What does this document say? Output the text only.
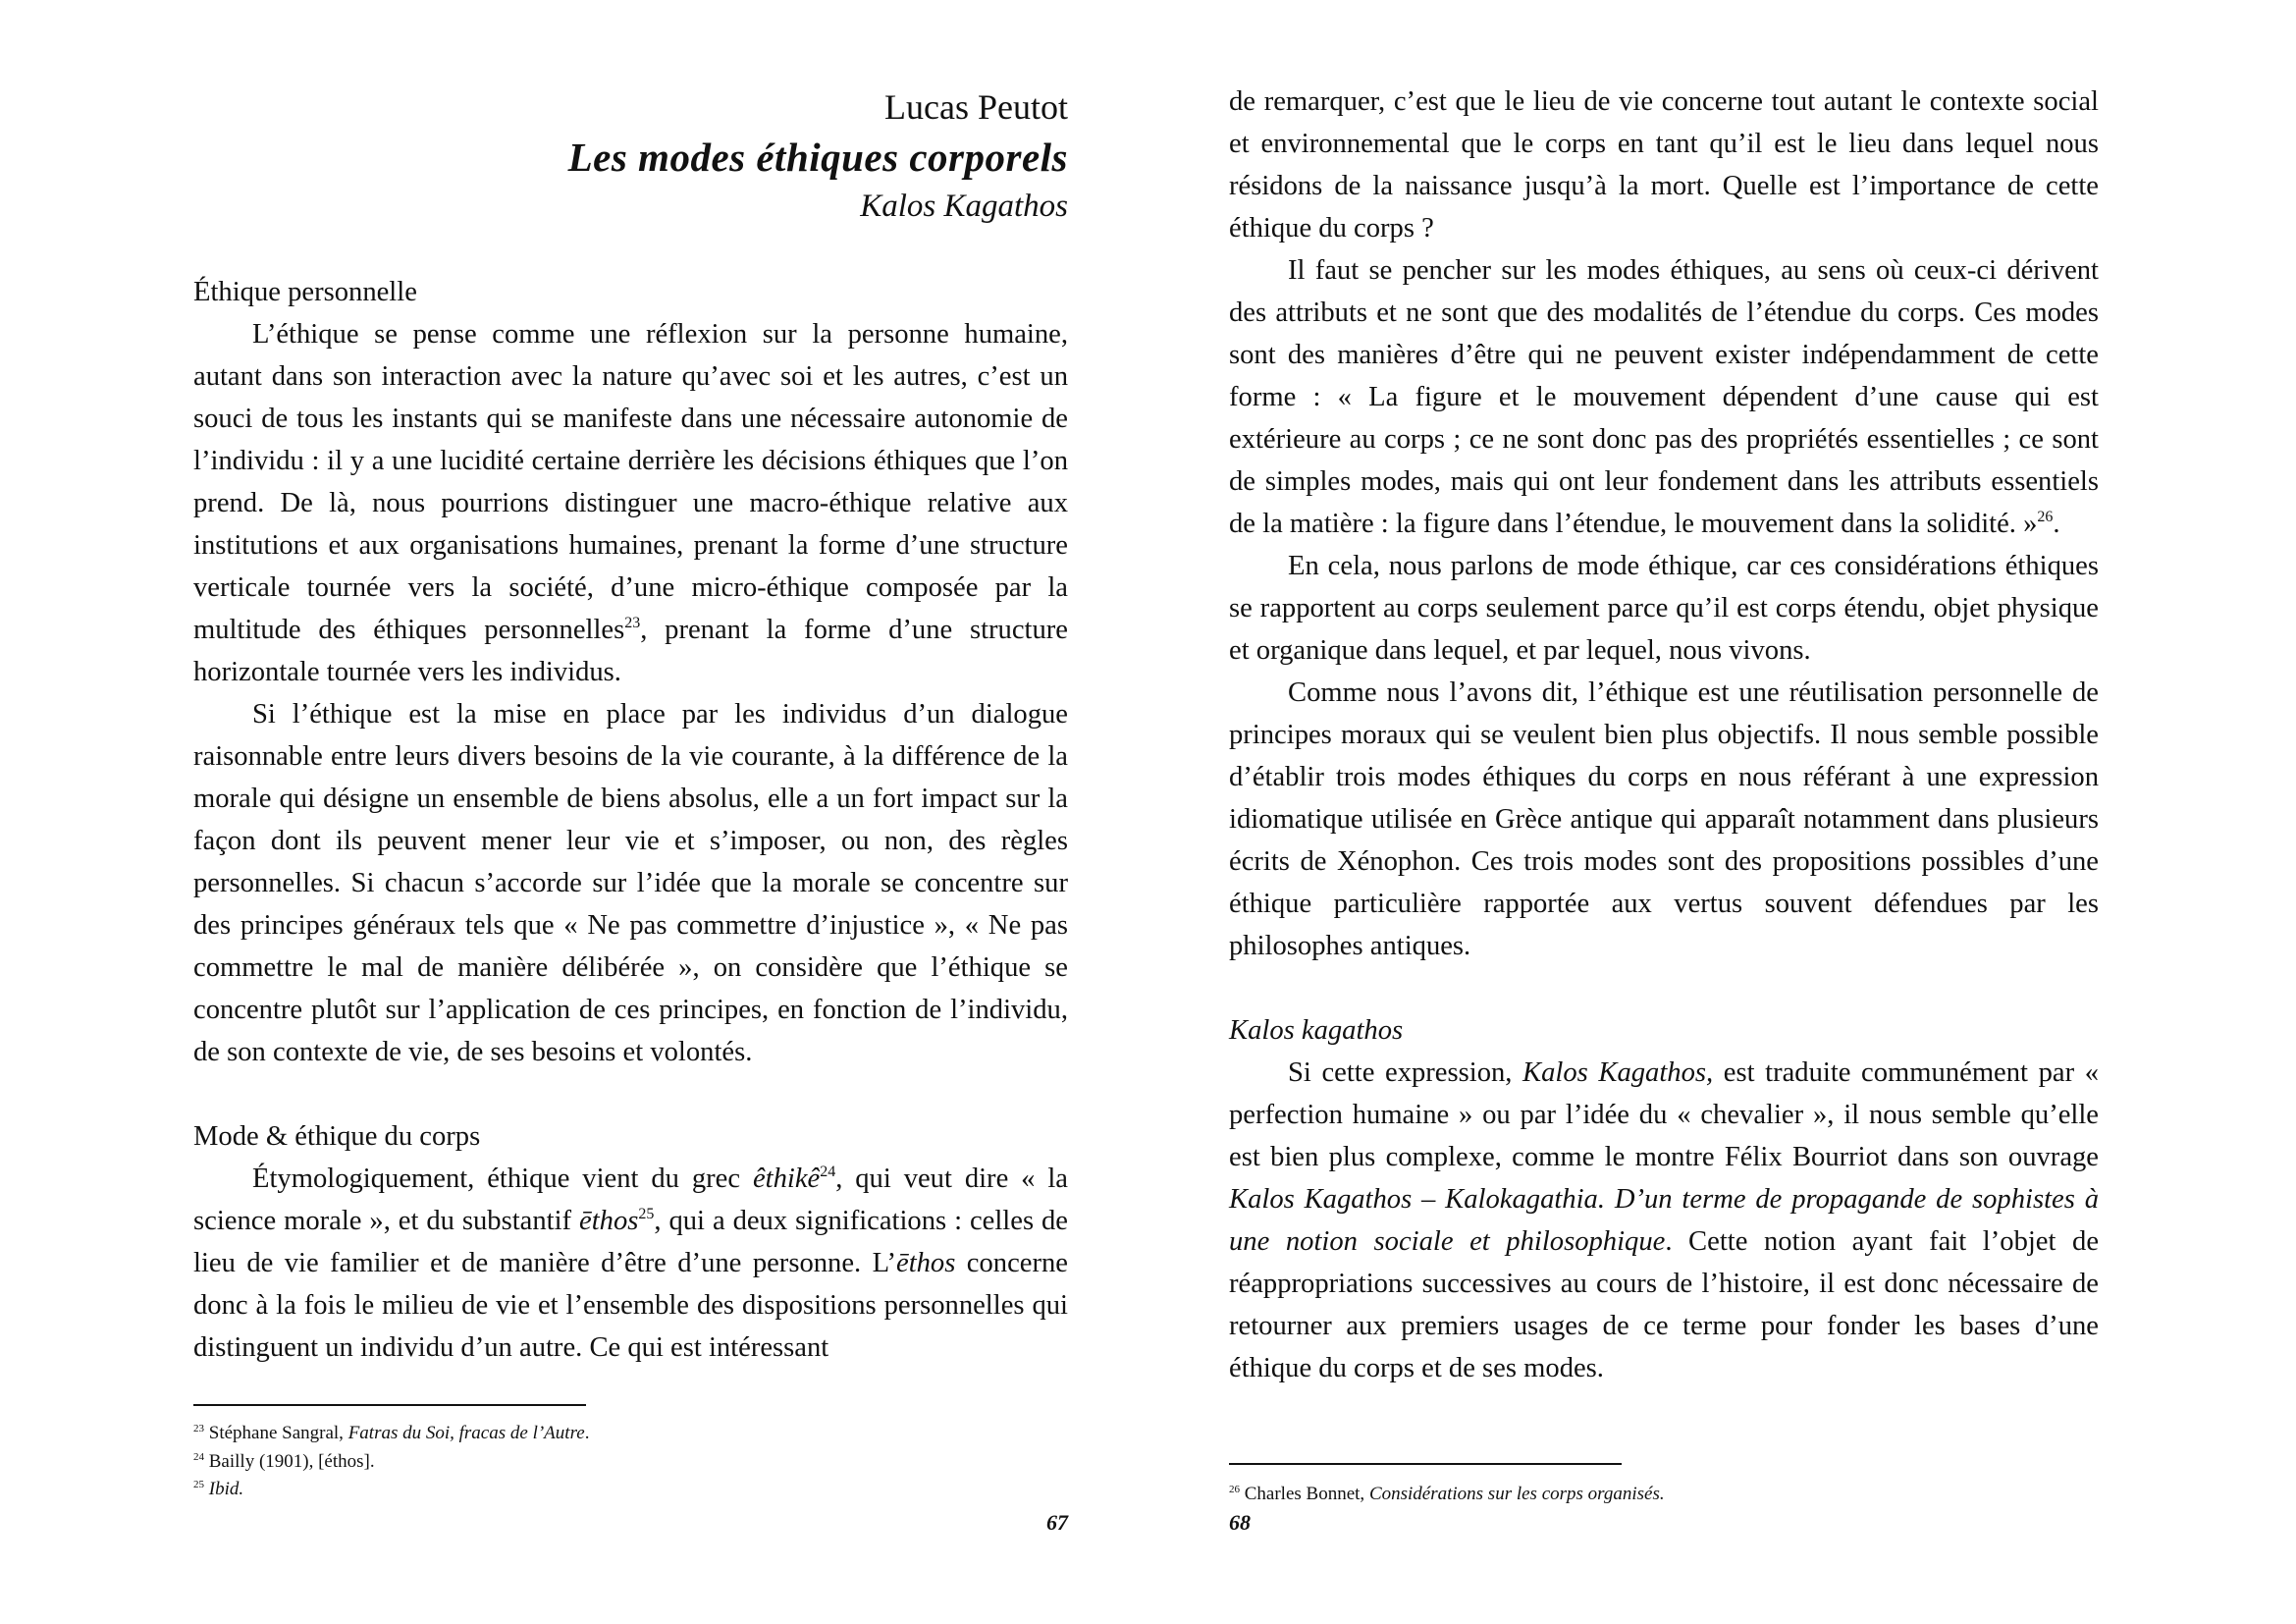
Lucas Peutot
Les modes éthiques corporels
Kalos Kagathos
Éthique personnelle

L’éthique se pense comme une réflexion sur la personne humaine, autant dans son interaction avec la nature qu’avec soi et les autres, c’est un souci de tous les instants qui se manifeste dans une nécessaire autonomie de l’individu : il y a une lucidité certaine derrière les décisions éthiques que l’on prend. De là, nous pourrions distinguer une macro-éthique relative aux institutions et aux organisations humaines, prenant la forme d’une structure verticale tournée vers la société, d’une micro-éthique composée par la multitude des éthiques personnelles$^{23}$, prenant la forme d’une structure horizontale tournée vers les individus.

Si l’éthique est la mise en place par les individus d’un dialogue raisonnable entre leurs divers besoins de la vie courante, à la différence de la morale qui désigne un ensemble de biens absolus, elle a un fort impact sur la façon dont ils peuvent mener leur vie et s’imposer, ou non, des règles personnelles. Si chacun s’accorde sur l’idée que la morale se concentre sur des principes généraux tels que « Ne pas commettre d’injustice », « Ne pas commettre le mal de manière délibérée », on considère que l’éthique se concentre plutôt sur l’application de ces principes, en fonction de l’individu, de son contexte de vie, de ses besoins et volontés.

Mode & éthique du corps

Étymologiquement, éthique vient du grec êthikê$^{24}$, qui veut dire « la science morale », et du substantif ēthos$^{25}$, qui a deux significations : celles de lieu de vie familier et de manière d’être d’une personne. L’ēthos concerne donc à la fois le milieu de vie et l’ensemble des dispositions personnelles qui distinguent un individu d’un autre. Ce qui est intéressant

$^{23}$ Stéphane Sangral, Fatras du Soi, fracas de l’Autre.
$^{24}$ Bailly (1901), [éthos].
$^{25}$ Ibid.
67

de remarquer, c’est que le lieu de vie concerne tout autant le contexte social et environnemental que le corps en tant qu’il est le lieu dans lequel nous résidons de la naissance jusqu’à la mort. Quelle est l’importance de cette éthique du corps ?

Il faut se pencher sur les modes éthiques, au sens où ceux-ci dérivent des attributs et ne sont que des modalités de l’étendue du corps. Ces modes sont des manières d’être qui ne peuvent exister indépendamment de cette forme : « La figure et le mouvement dépendent d’une cause qui est extérieure au corps ; ce ne sont donc pas des propriétés essentielles ; ce sont de simples modes, mais qui ont leur fondement dans les attributs essentiels de la matière : la figure dans l’étendue, le mouvement dans la solidité. »$^{26}$.

En cela, nous parlons de mode éthique, car ces considérations éthiques se rapportent au corps seulement parce qu’il est corps étendu, objet physique et organique dans lequel, et par lequel, nous vivons.

Comme nous l’avons dit, l’éthique est une réutilisation personnelle de principes moraux qui se veulent bien plus objectifs. Il nous semble possible d’établir trois modes éthiques du corps en nous référant à une expression idiomatique utilisée en Grèce antique qui apparaît notamment dans plusieurs écrits de Xénophon. Ces trois modes sont des propositions possibles d’une éthique particulière rapportée aux vertus souvent défendues par les philosophes antiques.

Kalos kagathos

Si cette expression, Kalos Kagathos, est traduite communément par « perfection humaine » ou par l’idée du « chevalier », il nous semble qu’elle est bien plus complexe, comme le montre Félix Bourriot dans son ouvrage Kalos Kagathos – Kalokagathia. D’un terme de propagande de sophistes à une notion sociale et philosophique. Cette notion ayant fait l’objet de réappropriations successives au cours de l’histoire, il est donc nécessaire de retourner aux premiers usages de ce terme pour fonder les bases d’une éthique du corps et de ses modes.

$^{26}$ Charles Bonnet, Considérations sur les corps organisés.
68
